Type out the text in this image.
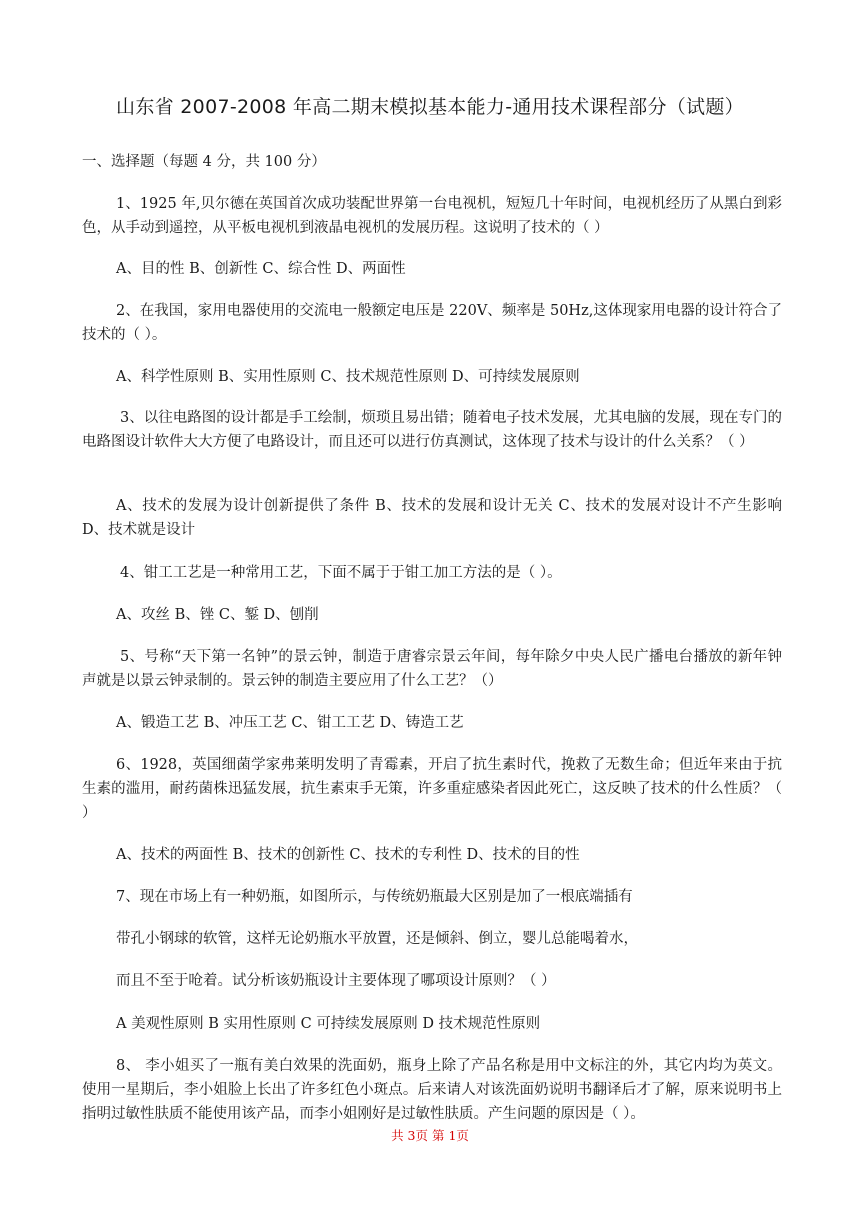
山东省 2007-2008 年高二期末模拟基本能力-通用技术课程部分（试题）
一、选择题（每题 4 分，共 100 分）

1、1925 年,贝尔德在英国首次成功装配世界第一台电视机，短短几十年时间，电视机经历了从黑白到彩色，从手动到遥控，从平板电视机到液晶电视机的发展历程。这说明了技术的（ ）

A、目的性 B、创新性 C、综合性 D、两面性

2、在我国，家用电器使用的交流电一般额定电压是 220V、频率是 50Hz,这体现家用电器的设计符合了技术的（ ）。

A、科学性原则 B、实用性原则 C、技术规范性原则 D、可持续发展原则

3、以往电路图的设计都是手工绘制，烦琐且易出错；随着电子技术发展，尤其电脑的发展，现在专门的电路图设计软件大大方便了电路设计，而且还可以进行仿真测试，这体现了技术与设计的什么关系？（ ）

A、技术的发展为设计创新提供了条件 B、技术的发展和设计无关 C、技术的发展对设计不产生影响 D、技术就是设计

4、钳工工艺是一种常用工艺，下面不属于于钳工加工方法的是（ ）。
A、攻丝 B、锉 C、錾 D、刨削

5、号称“天下第一名钟”的景云钟，制造于唐睿宗景云年间，每年除夕中央人民广播电台播放的新年钟声就是以景云钟录制的。景云钟的制造主要应用了什么工艺？（）

A、锻造工艺 B、冲压工艺 C、钳工工艺 D、铸造工艺

6、1928，英国细菌学家弗莱明发明了青霉素，开启了抗生素时代，挽救了无数生命；但近年来由于抗生素的滥用，耐药菌株迅猛发展，抗生素束手无策，许多重症感染者因此死亡，这反映了技术的什么性质？（ ）

A、技术的两面性 B、技术的创新性 C、技术的专利性 D、技术的目的性
7、现在市场上有一种奶瓶，如图所示，与传统奶瓶最大区别是加了一根底端插有
带孔小钢球的软管，这样无论奶瓶水平放置，还是倾斜、倒立，婴儿总能喝着水，
而且不至于呛着。试分析该奶瓶设计主要体现了哪项设计原则？（ ）
A 美观性原则 B 实用性原则 C 可持续发展原则 D 技术规范性原则

8、 李小姐买了一瓶有美白效果的洗面奶，瓶身上除了产品名称是用中文标注的外，其它内均为英文。使用一星期后，李小姐脸上长出了许多红色小斑点。后来请人对该洗面奶说明书翻译后才了解，原来说明书上指明过敏性肤质不能使用该产品，而李小姐刚好是过敏性肤质。产生问题的原因是（ ）。

共 3页 第 1页
